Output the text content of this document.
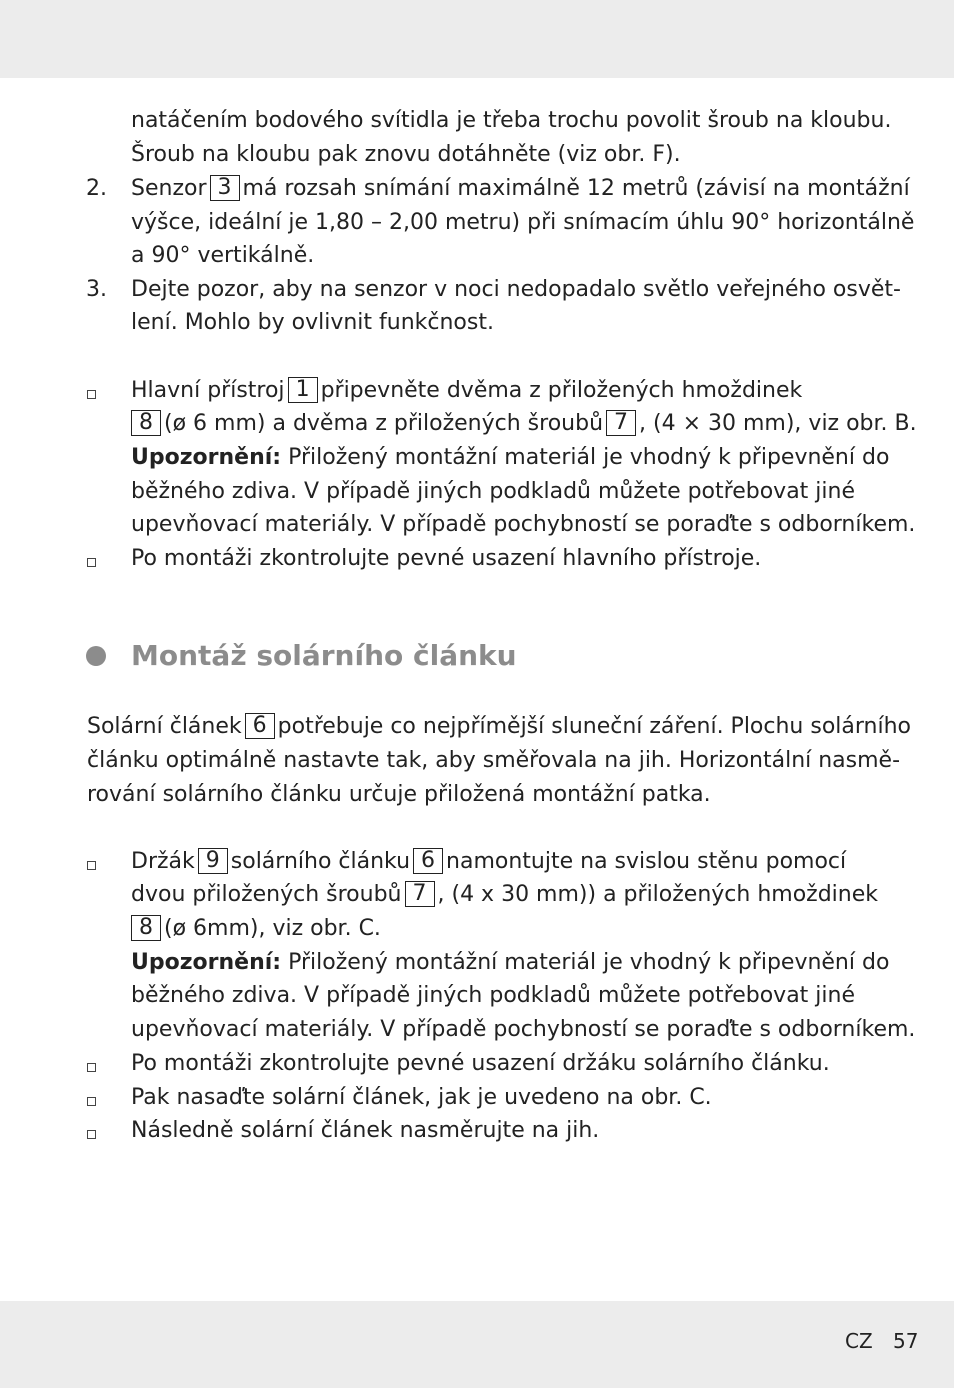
natáčením bodového svítidla je třeba trochu povolit šroub na kloubu.
Šroub na kloubu pak znovu dotáhněte (viz obr. F).
2.	Senzor 3 má rozsah snímání maximálně 12 metrů (závisí na montážní
výšce, ideální je 1,80 – 2,00 metru) při snímacím úhlu 90° horizontálně
a 90° vertikálně.
3.	Dejte pozor, aby na senzor v noci nedopadalo světlo veřejného osvět-
lení. Mohlo by ovlivnit funkčnost.
Hlavní přístroj 1 připevněte dvěma z přiložených hmoždinek
8 (ø 6 mm) a dvěma z přiložených šroubů 7 , (4 × 30 mm), viz obr. B.
Upozornění: Přiložený montážní materiál je vhodný k připevnění do
běžného zdiva. V případě jiných podkladů můžete potřebovat jiné
upevňovací materiály. V případě pochybností se poraďte s odborníkem.
Po montáži zkontrolujte pevné usazení hlavního přístroje.
Montáž solárního článku
Solární článek 6 potřebuje co nejpřímější sluneční záření. Plochu solárního
článku optimálně nastavte tak, aby směřovala na jih. Horizontální nasmě-
rování solárního článku určuje přiložená montážní patka.
Držák 9 solárního článku 6 namontujte na svislou stěnu pomocí
dvou přiložených šroubů 7 , (4 x 30 mm)) a přiložených hmoždinek
8 (ø 6mm), viz obr. C.
Upozornění: Přiložený montážní materiál je vhodný k připevnění do
běžného zdiva. V případě jiných podkladů můžete potřebovat jiné
upevňovací materiály. V případě pochybností se poraďte s odborníkem.
Po montáži zkontrolujte pevné usazení držáku solárního článku.
Pak nasaďte solární článek, jak je uvedeno na obr. C.
Následně solární článek nasměrujte na jih.
CZ 57
